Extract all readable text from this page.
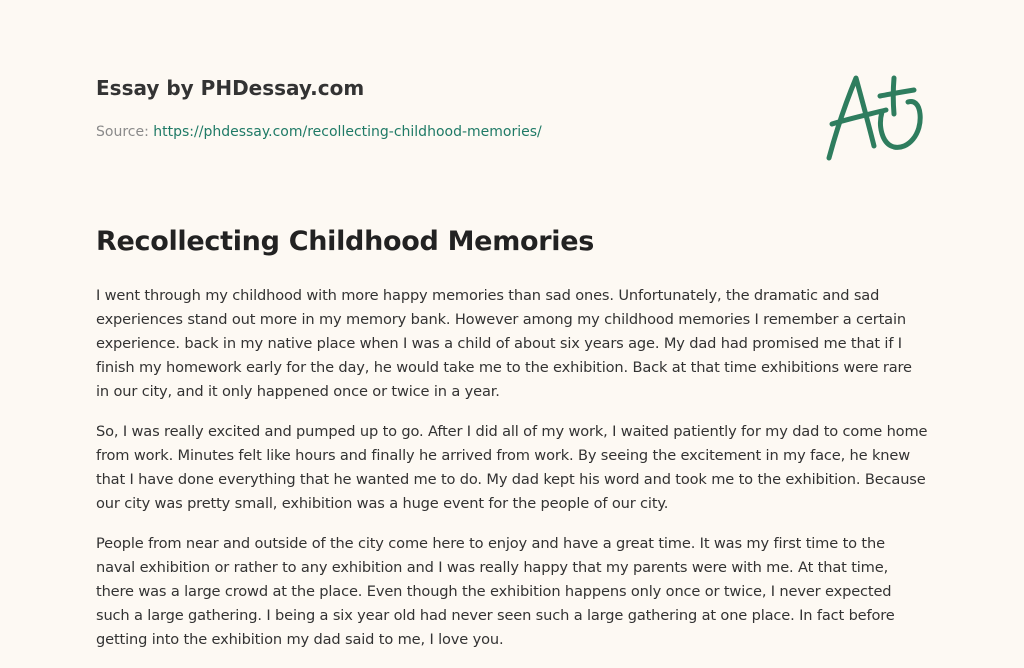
Essay by PHDessay.com
Source: https://phdessay.com/recollecting-childhood-memories/
Recollecting Childhood Memories

I went through my childhood with more happy memories than sad ones. Unfortunately, the dramatic and sad experiences stand out more in my memory bank. However among my childhood memories I remember a certain experience. back in my native place when I was a child of about six years age. My dad had promised me that if I finish my homework early for the day, he would take me to the exhibition. Back at that time exhibitions were rare in our city, and it only happened once or twice in a year.

So, I was really excited and pumped up to go. After I did all of my work, I waited patiently for my dad to come home from work. Minutes felt like hours and finally he arrived from work. By seeing the excitement in my face, he knew that I have done everything that he wanted me to do. My dad kept his word and took me to the exhibition. Because our city was pretty small, exhibition was a huge event for the people of our city.

People from near and outside of the city come here to enjoy and have a great time. It was my first time to the naval exhibition or rather to any exhibition and I was really happy that my parents were with me. At that time, there was a large crowd at the place. Even though the exhibition happens only once or twice, I never expected such a large gathering. I being a six year old had never seen such a large gathering at one place. In fact before getting into the exhibition my dad said to me, I love you.
